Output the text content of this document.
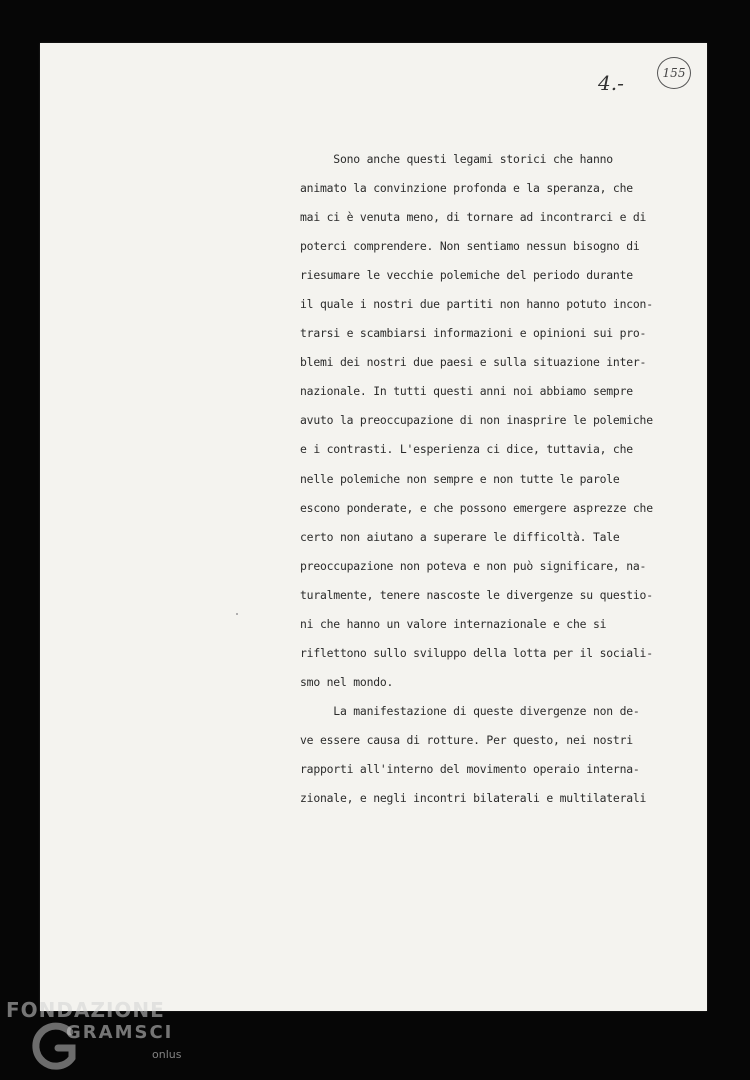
4.-	155
Sono anche questi legami storici che hanno
animato la convinzione profonda e la speranza, che
mai ci è venuta meno, di tornare ad incontrarci e di
poterci comprendere. Non sentiamo nessun bisogno di
riesumare le vecchie polemiche del periodo durante
il quale i nostri due partiti non hanno potuto incon-
trarsi e scambiarsi informazioni e opinioni sui pro-
blemi dei nostri due paesi e sulla situazione inter-
nazionale. In tutti questi anni noi abbiamo sempre
avuto la preoccupazione di non inasprire le polemiche
e i contrasti. L'esperienza ci dice, tuttavia, che
nelle polemiche non sempre e non tutte le parole
escono ponderate, e che possono emergere asprezze che
certo non aiutano a superare le difficoltà. Tale
preoccupazione non poteva e non può significare, na-
turalmente, tenere nascoste le divergenze su questio-
ni che hanno un valore internazionale e che si
riflettono sullo sviluppo della lotta per il sociali-
smo nel mondo.
La manifestazione di queste divergenze non de-
ve essere causa di rotture. Per questo, nei nostri
rapporti all'interno del movimento operaio interna-
zionale, e negli incontri bilaterali e multilaterali
FONDAZIONE
GRAMSCI
onlus
